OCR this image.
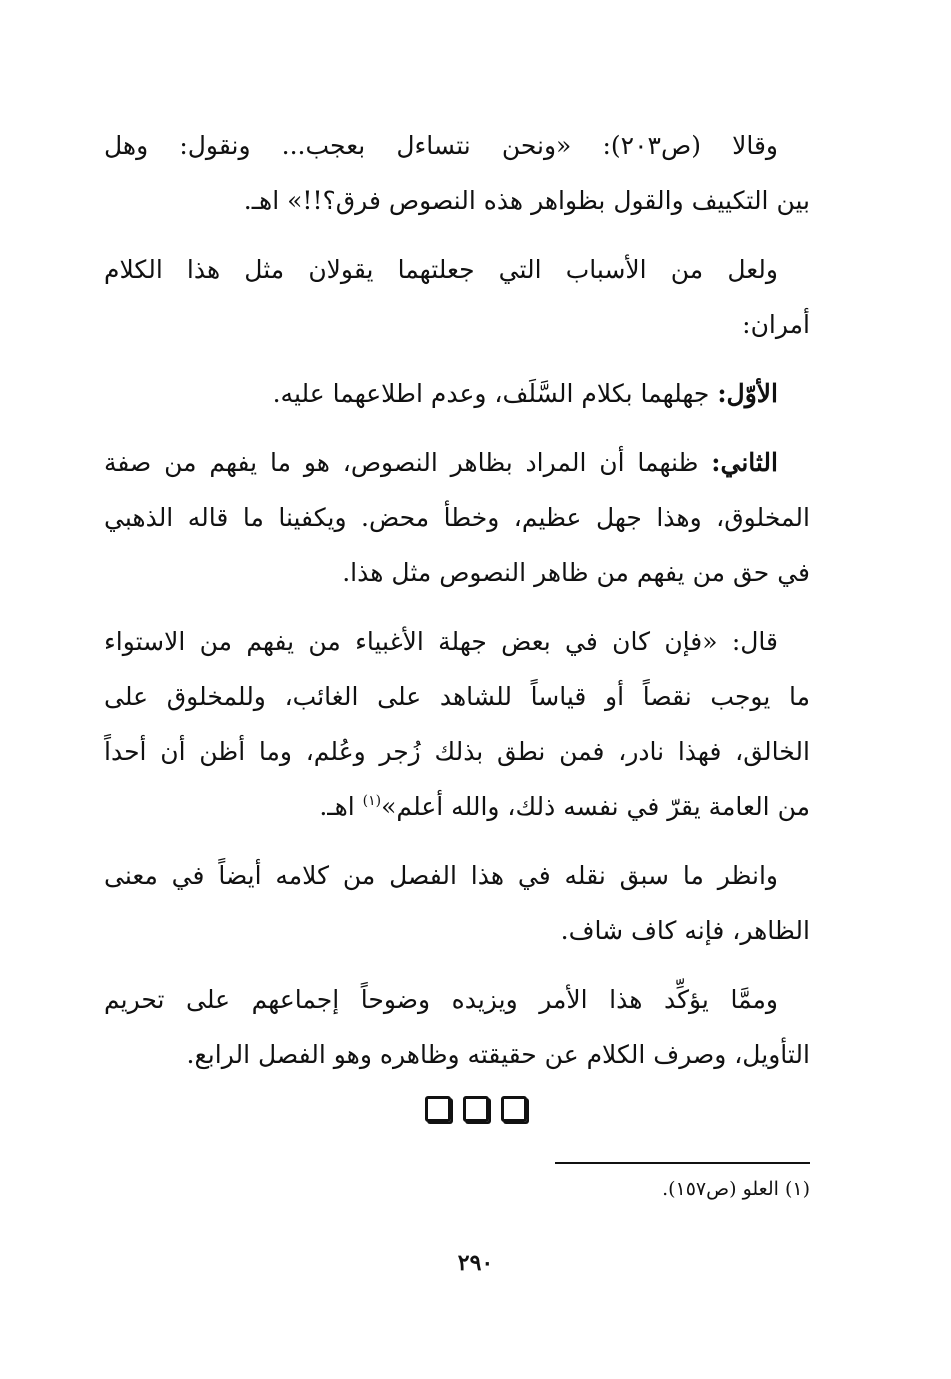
وقالا (ص٢٠٣): «ونحن نتساءل بعجب... ونقول: وهل
بين التكييف والقول بظواهر هذه النصوص فرق؟!!» اهـ.

ولعل من الأسباب التي جعلتهما يقولان مثل هذا الكلام
أمران:

الأوّل: جهلهما بكلام السَّلَف، وعدم اطلاعهما عليه.

الثاني: ظنهما أن المراد بظاهر النصوص، هو ما يفهم من صفة
المخلوق، وهذا جهل عظيم، وخطأ محض. ويكفينا ما قاله الذهبي
في حق من يفهم من ظاهر النصوص مثل هذا.

قال: «فإن كان في بعض جهلة الأغبياء من يفهم من الاستواء
ما يوجب نقصاً أو قياساً للشاهد على الغائب، وللمخلوق على
الخالق، فهذا نادر، فمن نطق بذلك زُجر وعُلم، وما أظن أن أحداً
من العامة يقرّ في نفسه ذلك، والله أعلم»$^{(١)}$ اهـ.

وانظر ما سبق نقله في هذا الفصل من كلامه أيضاً في معنى
الظاهر، فإنه كاف شاف.

وممَّا يؤكِّد هذا الأمر ويزيده وضوحاً إجماعهم على تحريم
التأويل، وصرف الكلام عن حقيقته وظاهره وهو الفصل الرابع.

(١) العلو (ص١٥٧).
٢٩٠
